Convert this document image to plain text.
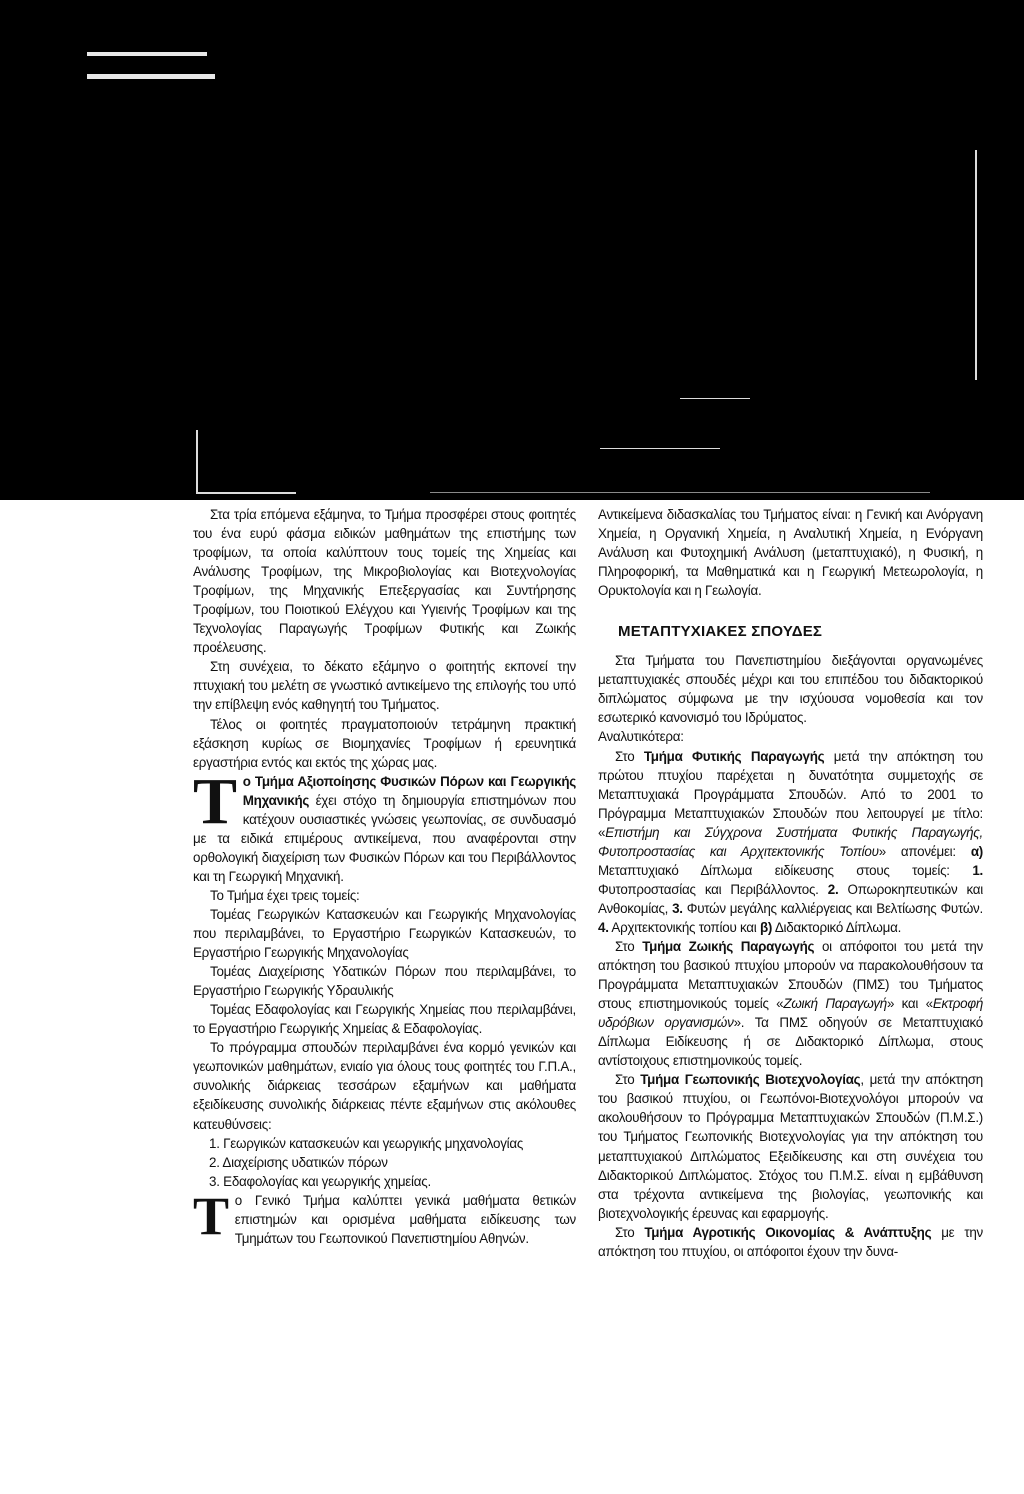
Στα τρία επόμενα εξάμηνα, το Τμήμα προσφέρει στους φοιτητές του ένα ευρύ φάσμα ειδικών μαθημάτων της επιστήμης των τροφίμων, τα οποία καλύπτουν τους τομείς της Χημείας και Ανάλυσης Τροφίμων, της Μικροβιολογίας και Βιοτεχνολογίας Τροφίμων, της Μηχανικής Επεξεργασίας και Συντήρησης Τροφίμων, του Ποιοτικού Ελέγχου και Υγιεινής Τροφίμων και της Τεχνολογίας Παραγωγής Τροφίμων Φυτικής και Ζωικής προέλευσης.

Στη συνέχεια, το δέκατο εξάμηνο ο φοιτητής εκπονεί την πτυχιακή του μελέτη σε γνωστικό αντικείμενο της επιλογής του υπό την επίβλεψη ενός καθηγητή του Τμήματος.

Τέλος οι φοιτητές πραγματοποιούν τετράμηνη πρακτική εξάσκηση κυρίως σε Βιομηχανίες Τροφίμων ή ερευνητικά εργαστήρια εντός και εκτός της χώρας μας.

Το Τμήμα Αξιοποίησης Φυσικών Πόρων και Γεωργικής Μηχανικής έχει στόχο τη δημιουργία επιστημόνων που κατέχουν ουσιαστικές γνώσεις γεωπονίας, σε συνδυασμό με τα ειδικά επιμέρους αντικείμενα, που αναφέρονται στην ορθολογική διαχείριση των Φυσικών Πόρων και του Περιβάλλοντος και τη Γεωργική Μηχανική.

Το Τμήμα έχει τρεις τομείς:

Τομέας Γεωργικών Κατασκευών και Γεωργικής Μηχανολογίας που περιλαμβάνει, το Εργαστήριο Γεωργικών Κατασκευών, το Εργαστήριο Γεωργικής Μηχανολογίας

Τομέας Διαχείρισης Υδατικών Πόρων που περιλαμβάνει, το Εργαστήριο Γεωργικής Υδραυλικής

Τομέας Εδαφολογίας και Γεωργικής Χημείας που περιλαμβάνει, το Εργαστήριο Γεωργικής Χημείας & Εδαφολογίας.

Το πρόγραμμα σπουδών περιλαμβάνει ένα κορμό γενικών και γεωπονικών μαθημάτων, ενιαίο για όλους τους φοιτητές του Γ.Π.Α., συνολικής διάρκειας τεσσάρων εξαμήνων και μαθήματα εξειδίκευσης συνολικής διάρκειας πέντε εξαμήνων στις ακόλουθες κατευθύνσεις:

1. Γεωργικών κατασκευών και γεωργικής μηχανολογίας

2. Διαχείρισης υδατικών πόρων

3. Εδαφολογίας και γεωργικής χημείας.

Το Γενικό Τμήμα καλύπτει γενικά μαθήματα θετικών επιστημών και ορισμένα μαθήματα ειδίκευσης των Τμημάτων του Γεωπονικού Πανεπιστημίου Αθηνών.

Αντικείμενα διδασκαλίας του Τμήματος είναι: η Γενική και Ανόργανη Χημεία, η Οργανική Χημεία, η Αναλυτική Χημεία, η Ενόργανη Ανάλυση και Φυτοχημική Ανάλυση (μεταπτυχιακό), η Φυσική, η Πληροφορική, τα Μαθηματικά και η Γεωργική Μετεωρολογία, η Ορυκτολογία και η Γεωλογία.

ΜΕΤΑΠΤΥΧΙΑΚΕΣ ΣΠΟΥΔΕΣ

Στα Τμήματα του Πανεπιστημίου διεξάγονται οργανωμένες μεταπτυχιακές σπουδές μέχρι και του επιπέδου του διδακτορικού διπλώματος σύμφωνα με την ισχύουσα νομοθεσία και τον εσωτερικό κανονισμό του Ιδρύματος.

Αναλυτικότερα:

Στο Τμήμα Φυτικής Παραγωγής μετά την απόκτηση του πρώτου πτυχίου παρέχεται η δυνατότητα συμμετοχής σε Μεταπτυχιακά Προγράμματα Σπουδών. Από το 2001 το Πρόγραμμα Μεταπτυχιακών Σπουδών που λειτουργεί με τίτλο: «Επιστήμη και Σύγχρονα Συστήματα Φυτικής Παραγωγής, Φυτοπροστασίας και Αρχιτεκτονικής Τοπίου» απονέμει: α) Μεταπτυχιακό Δίπλωμα ειδίκευσης στους τομείς: 1. Φυτοπροστασίας και Περιβάλλοντος. 2. Οπωροκηπευτικών και Ανθοκομίας, 3. Φυτών μεγάλης καλλιέργειας και Βελτίωσης Φυτών. 4. Αρχιτεκτονικής τοπίου και β) Διδακτορικό Δίπλωμα.

Στο Τμήμα Ζωικής Παραγωγής οι απόφοιτοι του μετά την απόκτηση του βασικού πτυχίου μπορούν να παρακολουθήσουν τα Προγράμματα Μεταπτυχιακών Σπουδών (ΠΜΣ) του Τμήματος στους επιστημονικούς τομείς «Ζωική Παραγωγή» και «Εκτροφή υδρόβιων οργανισμών». Τα ΠΜΣ οδηγούν σε Μεταπτυχιακό Δίπλωμα Ειδίκευσης ή σε Διδακτορικό Δίπλωμα, στους αντίστοιχους επιστημονικούς τομείς.

Στο Τμήμα Γεωπονικής Βιοτεχνολογίας, μετά την απόκτηση του βασικού πτυχίου, οι Γεωπόνοι-Βιοτεχνολόγοι μπορούν να ακολουθήσουν το Πρόγραμμα Μεταπτυχιακών Σπουδών (Π.Μ.Σ.) του Τμήματος Γεωπονικής Βιοτεχνολογίας για την απόκτηση του μεταπτυχιακού Διπλώματος Εξειδίκευσης και στη συνέχεια του Διδακτορικού Διπλώματος. Στόχος του Π.Μ.Σ. είναι η εμβάθυνση στα τρέχοντα αντικείμενα της βιολογίας, γεωπονικής και βιοτεχνολογικής έρευνας και εφαρμογής.

Στο Τμήμα Αγροτικής Οικονομίας & Ανάπτυξης με την απόκτηση του πτυχίου, οι απόφοιτοι έχουν την δυνα-
